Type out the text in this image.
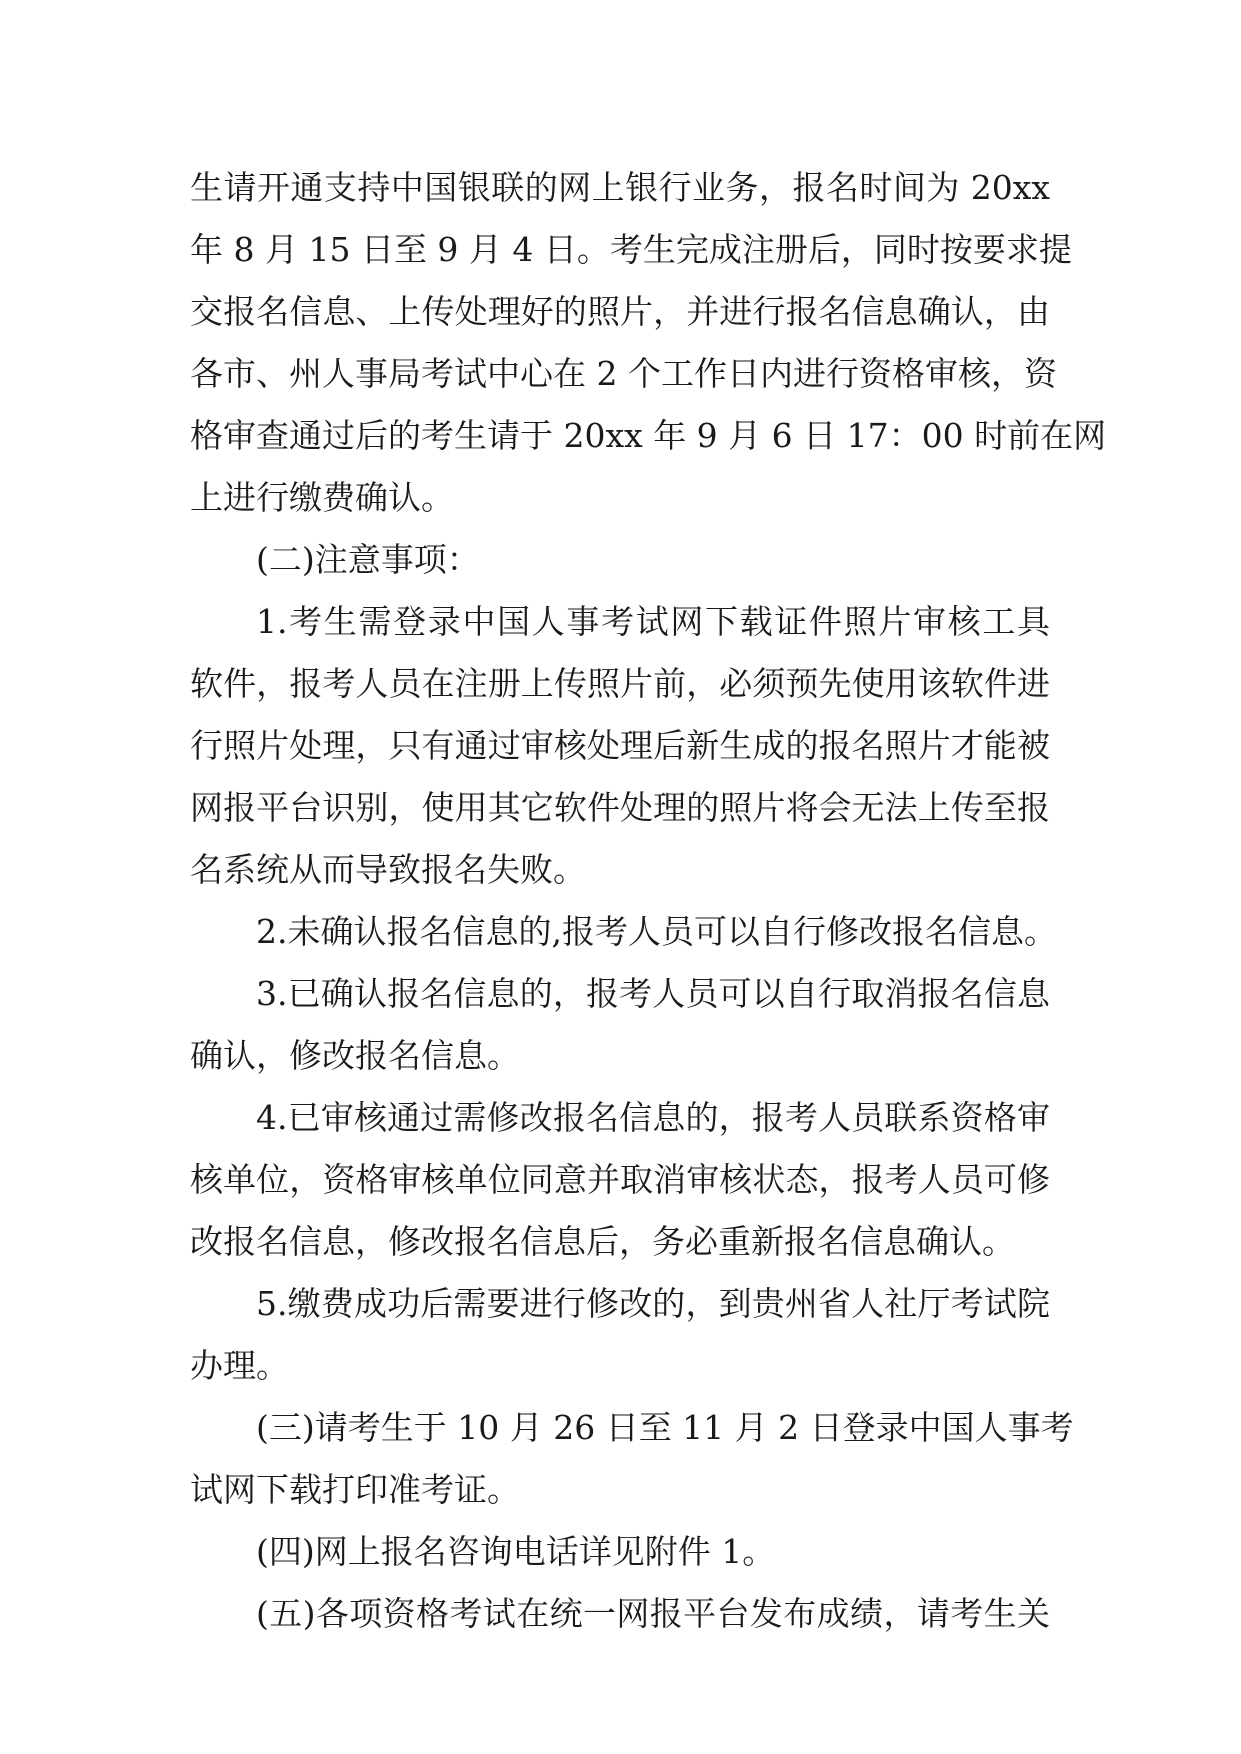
生请开通支持中国银联的网上银行业务，报名时间为 20xx
年 8 月 15 日至 9 月 4 日。考生完成注册后，同时按要求提
交报名信息、上传处理好的照片，并进行报名信息确认，由
各市、州人事局考试中心在 2 个工作日内进行资格审核，资
格审查通过后的考生请于 20xx 年 9 月 6 日 17：00 时前在网
上进行缴费确认。
(二)注意事项：
1.考生需登录中国人事考试网下载证件照片审核工具
软件，报考人员在注册上传照片前，必须预先使用该软件进
行照片处理，只有通过审核处理后新生成的报名照片才能被
网报平台识别，使用其它软件处理的照片将会无法上传至报
名系统从而导致报名失败。
2.未确认报名信息的,报考人员可以自行修改报名信息。
3.已确认报名信息的，报考人员可以自行取消报名信息
确认，修改报名信息。
4.已审核通过需修改报名信息的，报考人员联系资格审
核单位，资格审核单位同意并取消审核状态，报考人员可修
改报名信息，修改报名信息后，务必重新报名信息确认。
5.缴费成功后需要进行修改的，到贵州省人社厅考试院
办理。
(三)请考生于 10 月 26 日至 11 月 2 日登录中国人事考
试网下载打印准考证。
(四)网上报名咨询电话详见附件 1。
(五)各项资格考试在统一网报平台发布成绩，请考生关
